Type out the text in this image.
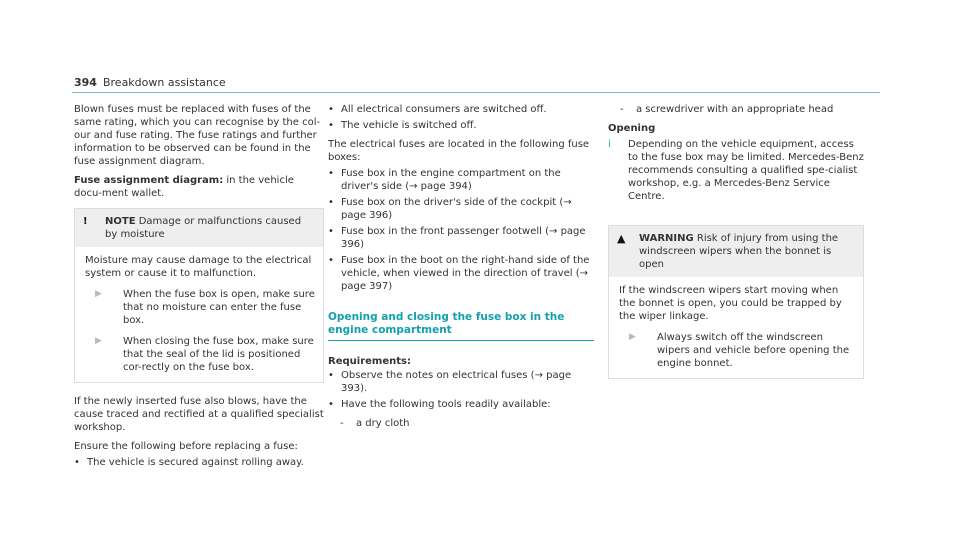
394 Breakdown assistance

Blown fuses must be replaced with fuses of the same rating, which you can recognise by the col-our and fuse rating. The fuse ratings and further information to be observed can be found in the fuse assignment diagram.

Fuse assignment diagram: in the vehicle docu-ment wallet.

!	NOTE Damage or malfunctions caused by moisture

Moisture may cause damage to the electrical system or cause it to malfunction.

▶	When the fuse box is open, make sure that no moisture can enter the fuse box.
▶	When closing the fuse box, make sure that the seal of the lid is positioned cor-rectly on the fuse box.

If the newly inserted fuse also blows, have the cause traced and rectified at a qualified specialist workshop.

Ensure the following before replacing a fuse:

• The vehicle is secured against rolling away.
• All electrical consumers are switched off.
• The vehicle is switched off.

The electrical fuses are located in the following fuse boxes:

• Fuse box in the engine compartment on the driver's side (→ page 394)
• Fuse box on the driver's side of the cockpit (→ page 396)
• Fuse box in the front passenger footwell (→ page 396)
• Fuse box in the boot on the right-hand side of the vehicle, when viewed in the direction of travel (→ page 397)
Opening and closing the fuse box in the engine compartment

Requirements:

• Observe the notes on electrical fuses (→ page 393).
• Have the following tools readily available:
-	a dry cloth
-	a screwdriver with an appropriate head

Opening

i	Depending on the vehicle equipment, access to the fuse box may be limited. Mercedes-Benz recommends consulting a qualified spe-cialist workshop, e.g. a Mercedes-Benz Service Centre.
▲	WARNING Risk of injury from using the windscreen wipers when the bonnet is open

If the windscreen wipers start moving when the bonnet is open, you could be trapped by the wiper linkage.

▶	Always switch off the windscreen wipers and vehicle before opening the engine bonnet.
